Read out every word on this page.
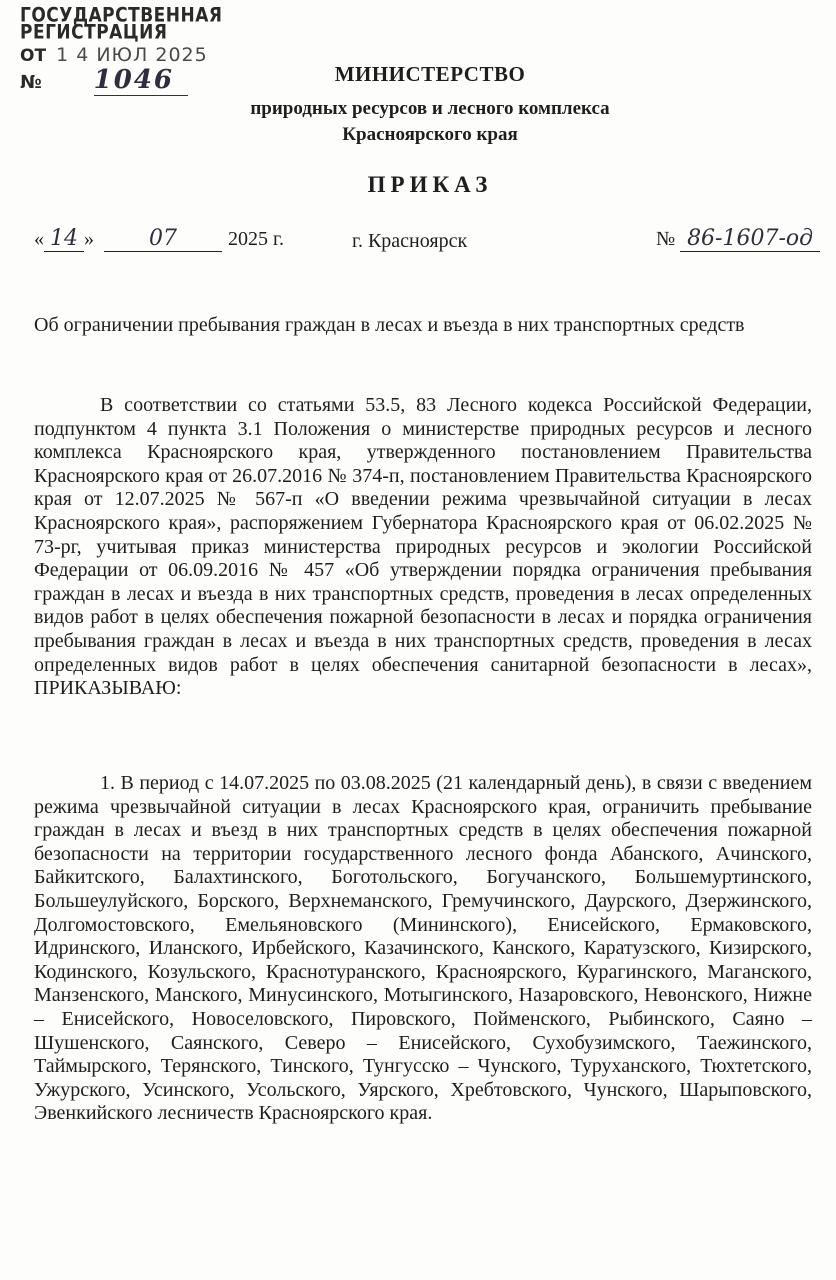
ГОСУДАРСТВЕННАЯ
РЕГИСТРАЦИЯ
ОТ 1 4 ИЮЛ 2025
№ 1046	МИНИСТЕРСТВО
природных ресурсов и лесного комплекса
Красноярского края
ПРИКАЗ
« 14 »	07	2025 г.	г. Красноярск	№ 86-1607-од
Об ограничении пребывания граждан в лесах и въезда в них транспортных средств

В соответствии со статьями 53.5, 83 Лесного кодекса Российской Федерации, подпунктом 4 пункта 3.1 Положения о министерстве природных ресурсов и лесного комплекса Красноярского края, утвержденного постановлением Правительства Красноярского края от 26.07.2016 № 374-п, постановлением Правительства Красноярского края от 12.07.2025 № 567-п «О введении режима чрезвычайной ситуации в лесах Красноярского края», распоряжением Губернатора Красноярского края от 06.02.2025 № 73-рг, учитывая приказ министерства природных ресурсов и экологии Российской Федерации от 06.09.2016 № 457 «Об утверждении порядка ограничения пребывания граждан в лесах и въезда в них транспортных средств, проведения в лесах определенных видов работ в целях обеспечения пожарной безопасности в лесах и порядка ограничения пребывания граждан в лесах и въезда в них транспортных средств, проведения в лесах определенных видов работ в целях обеспечения санитарной безопасности в лесах», ПРИКАЗЫВАЮ:

1. В период с 14.07.2025 по 03.08.2025 (21 календарный день), в связи с введением режима чрезвычайной ситуации в лесах Красноярского края, ограничить пребывание граждан в лесах и въезд в них транспортных средств в целях обеспечения пожарной безопасности на территории государственного лесного фонда Абанского, Ачинского, Байкитского, Балахтинского, Боготольского, Богучанского, Большемуртинского, Большеулуйского, Борского, Верхнеманского, Гремучинского, Даурского, Дзержинского, Долгомостовского, Емельяновского (Мининского), Енисейского, Ермаковского, Идринского, Иланского, Ирбейского, Казачинского, Канского, Каратузского, Кизирского, Кодинского, Козульского, Краснотуранского, Красноярского, Курагинского, Маганского, Манзенского, Манского, Минусинского, Мотыгинского, Назаровского, Невонского, Нижне – Енисейского, Новоселовского, Пировского, Пойменского, Рыбинского, Саяно – Шушенского, Саянского, Северо – Енисейского, Сухобузимского, Таежинского, Таймырского, Терянского, Тинского, Тунгусско – Чунского, Туруханского, Тюхтетского, Ужурского, Усинского, Усольского, Уярского, Хребтовского, Чунского, Шарыповского, Эвенкийского лесничеств Красноярского края.
